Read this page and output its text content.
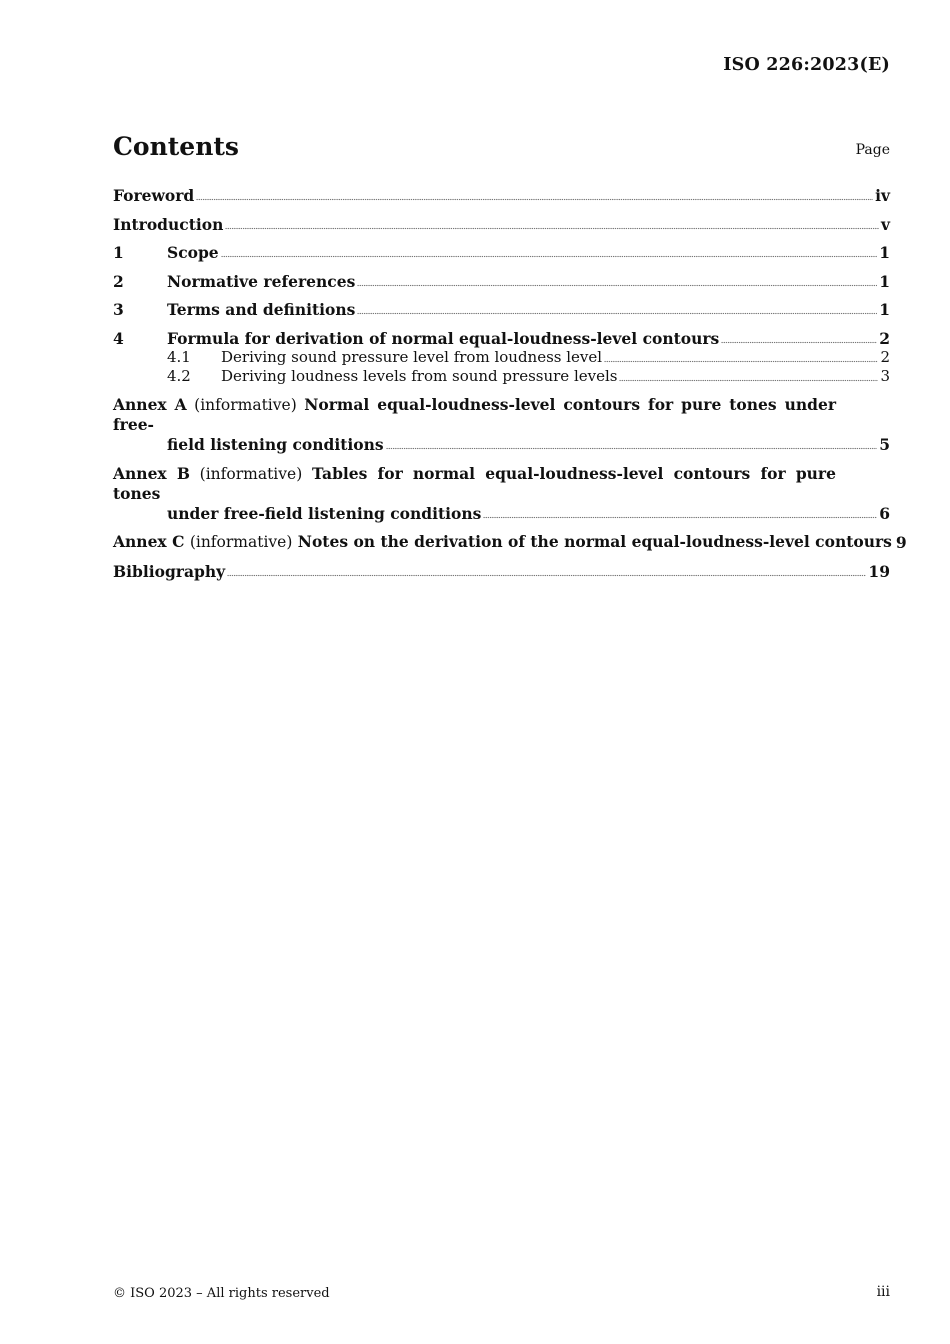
ISO 226:2023(E)
Contents	Page
Foreword	iv
Introduction	v
1	Scope	1
2	Normative references	1
3	Terms and definitions	1
4	Formula for derivation of normal equal-loudness-level contours	2
4.1	Deriving sound pressure level from loudness level	2
4.2	Deriving loudness levels from sound pressure levels	3
Annex A (informative) Normal equal-loudness-level contours for pure tones under free-
field listening conditions	5
Annex B (informative) Tables for normal equal-loudness-level contours for pure tones
under free-field listening conditions	6
Annex C (informative) Notes on the derivation of the normal equal-loudness-level contours 9
Bibliography	19
© ISO 2023 – All rights reserved	iii
